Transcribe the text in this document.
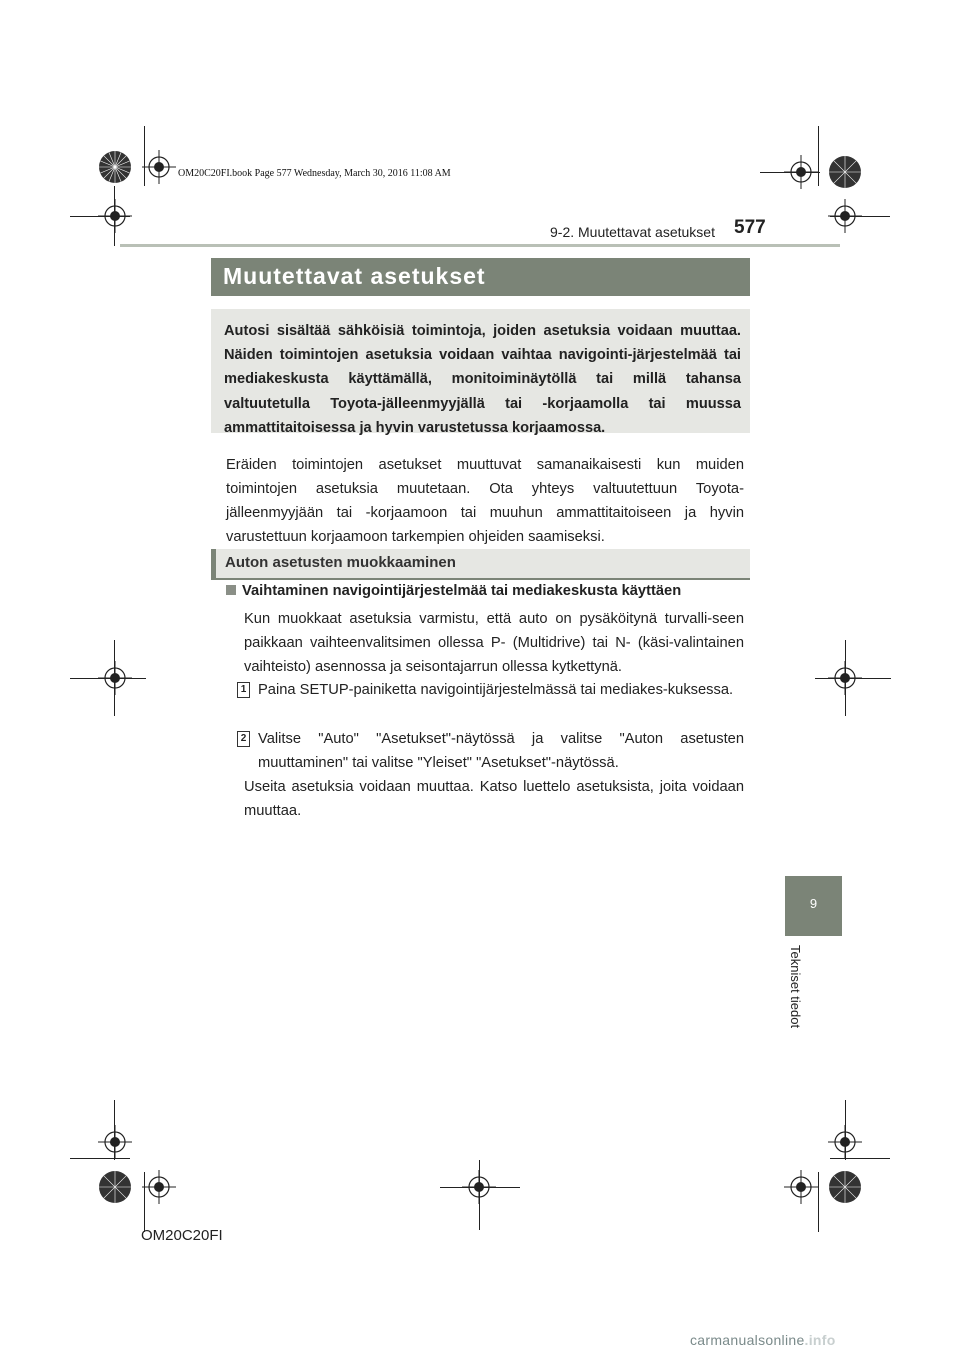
OM20C20FI.book Page 577 Wednesday, March 30, 2016 11:08 AM
9-2. Muutettavat asetukset 577
Muutettavat asetukset

Autosi sisältää sähköisiä toimintoja, joiden asetuksia voidaan muuttaa. Näiden toimintojen asetuksia voidaan vaihtaa navigointi-järjestelmää tai mediakeskusta käyttämällä, monitoiminäytöllä tai millä tahansa valtuutetulla Toyota-jälleenmyyjällä tai -korjaamolla tai muussa ammattitaitoisessa ja hyvin varustetussa korjaamossa.

Eräiden toimintojen asetukset muuttuvat samanaikaisesti kun muiden toimintojen asetuksia muutetaan. Ota yhteys valtuutettuun Toyota-jälleenmyyjään tai -korjaamoon tai muuhun ammattitaitoiseen ja hyvin varustettuun korjaamoon tarkempien ohjeiden saamiseksi.

Auton asetusten muokkaaminen
Vaihtaminen navigointijärjestelmää tai mediakeskusta käyttäen

Kun muokkaat asetuksia varmistu, että auto on pysäköitynä turvalli-seen paikkaan vaihteenvalitsimen ollessa P- (Multidrive) tai N- (käsi-valintainen vaihteisto) asennossa ja seisontajarrun ollessa kytkettynä.

1 Paina SETUP-painiketta navigointijärjestelmässä tai mediakes-kuksessa.

2 Valitse "Auto" "Asetukset"-näytössä ja valitse "Auton asetusten muuttaminen" tai valitse "Yleiset" "Asetukset"-näytössä.

Useita asetuksia voidaan muuttaa. Katso luettelo asetuksista, joita voidaan muuttaa.

9
Tekniset tiedot
OM20C20FI
carmanualsonline.info
